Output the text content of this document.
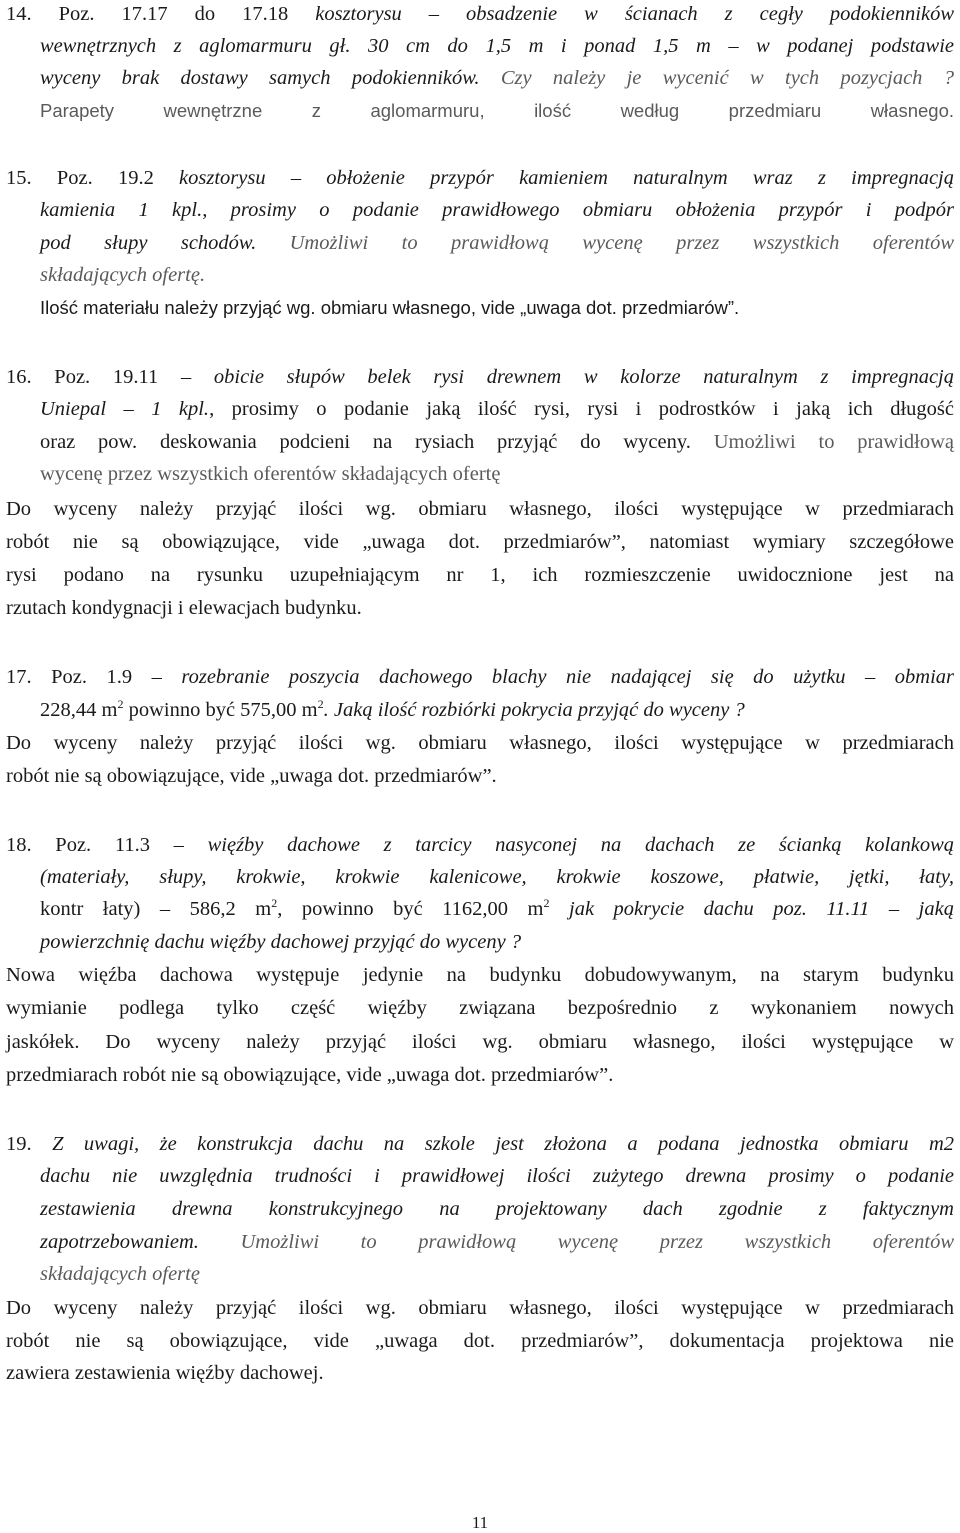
14. Poz. 17.17 do 17.18 kosztorysu – obsadzenie w ścianach z cegły podokienników
wewnętrznych z aglomarmuru gł. 30 cm do 1,5 m i ponad 1,5 m – w podanej podstawie
wyceny brak dostawy samych podokienników. Czy należy je wycenić w tych pozycjach ?
Parapety wewnętrzne z aglomarmuru, ilość według przedmiaru własnego.
15. Poz. 19.2 kosztorysu – obłożenie przypór kamieniem naturalnym wraz z impregnacją
kamienia 1 kpl., prosimy o podanie prawidłowego obmiaru obłożenia przypór i podpór
pod słupy schodów. Umożliwi to prawidłową wycenę przez wszystkich oferentów
składających ofertę.
Ilość materiału należy przyjąć wg. obmiaru własnego, vide „uwaga dot. przedmiarów”.
16. Poz. 19.11 – obicie słupów belek rysi drewnem w kolorze naturalnym z impregnacją
Uniepal – 1 kpl., prosimy o podanie jaką ilość rysi, rysi i podrostków i jaką ich długość
oraz pow. deskowania podcieni na rysiach przyjąć do wyceny. Umożliwi to prawidłową
wycenę przez wszystkich oferentów składających ofertę
Do wyceny należy przyjąć ilości wg. obmiaru własnego, ilości występujące w przedmiarach
robót nie są obowiązujące, vide „uwaga dot. przedmiarów”, natomiast wymiary szczegółowe
rysi podano na rysunku uzupełniającym nr 1, ich rozmieszczenie uwidocznione jest na
rzutach kondygnacji i elewacjach budynku.
17. Poz. 1.9 – rozebranie poszycia dachowego blachy nie nadającej się do użytku – obmiar
228,44 $m^2$ powinno być 575,00 $m^2$. Jaką ilość rozbiórki pokrycia przyjąć do wyceny ?
Do wyceny należy przyjąć ilości wg. obmiaru własnego, ilości występujące w przedmiarach
robót nie są obowiązujące, vide „uwaga dot. przedmiarów”.
18. Poz. 11.3 – więźby dachowe z tarcicy nasyconej na dachach ze ścianką kolankową
(materiały, słupy, krokwie, krokwie kalenicowe, krokwie koszowe, płatwie, jętki, łaty,
kontr łaty) – 586,2 $m^2$, powinno być 1162,00 $m^2$ jak pokrycie dachu poz. 11.11 – jaką
powierzchnię dachu więźby dachowej przyjąć do wyceny ?
Nowa więźba dachowa występuje jedynie na budynku dobudowywanym, na starym budynku
wymianie podlega tylko część więźby związana bezpośrednio z wykonaniem nowych
jaskółek. Do wyceny należy przyjąć ilości wg. obmiaru własnego, ilości występujące w
przedmiarach robót nie są obowiązujące, vide „uwaga dot. przedmiarów”.
19. Z uwagi, że konstrukcja dachu na szkole jest złożona a podana jednostka obmiaru m2
dachu nie uwzględnia trudności i prawidłowej ilości zużytego drewna prosimy o podanie
zestawienia drewna konstrukcyjnego na projektowany dach zgodnie z faktycznym
zapotrzebowaniem. Umożliwi to prawidłową wycenę przez wszystkich oferentów
składających ofertę
Do wyceny należy przyjąć ilości wg. obmiaru własnego, ilości występujące w przedmiarach
robót nie są obowiązujące, vide „uwaga dot. przedmiarów”, dokumentacja projektowa nie
zawiera zestawienia więźby dachowej.
11
